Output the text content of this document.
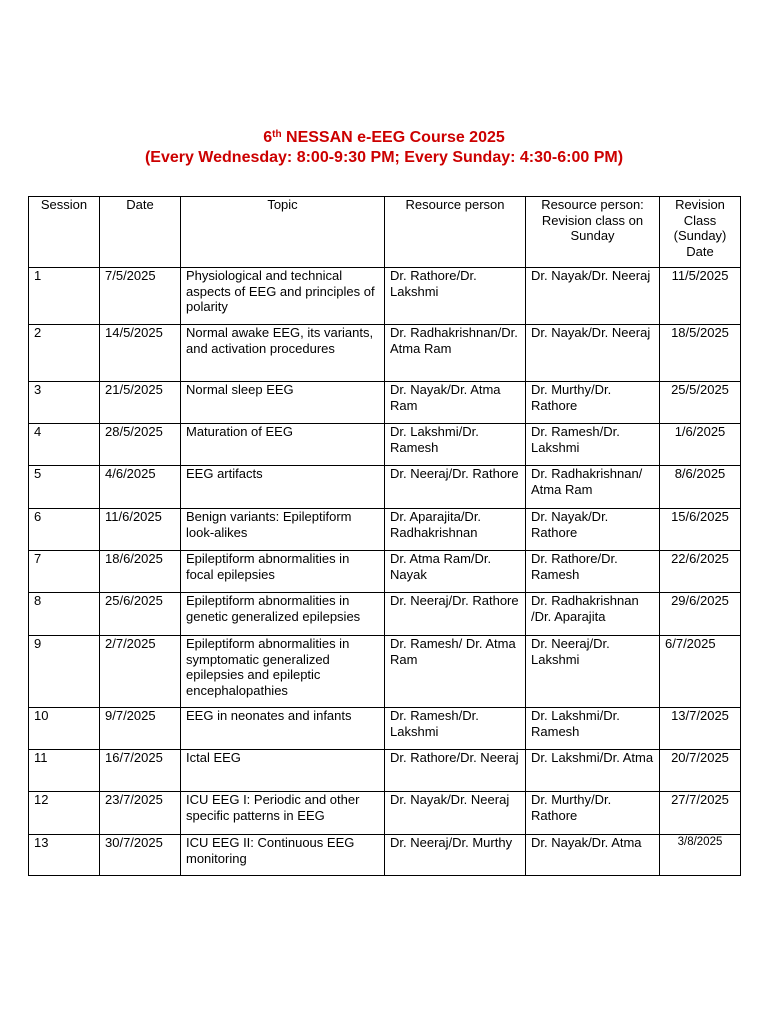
6th NESSAN e-EEG Course 2025
(Every Wednesday: 8:00-9:30 PM; Every Sunday: 4:30-6:00 PM)
Session	Date	Topic	Resource person	Resource person: Revision class on Sunday	Revision Class (Sunday) Date
1	7/5/2025	Physiological and technical aspects of EEG and principles of polarity	Dr. Rathore/Dr. Lakshmi	Dr. Nayak/Dr. Neeraj	11/5/2025
2	14/5/2025	Normal awake EEG, its variants, and activation procedures	Dr. Radhakrishnan/Dr. Atma Ram	Dr. Nayak/Dr. Neeraj	18/5/2025
3	21/5/2025	Normal sleep EEG	Dr. Nayak/Dr. Atma Ram	Dr. Murthy/Dr. Rathore	25/5/2025
4	28/5/2025	Maturation of EEG	Dr. Lakshmi/Dr. Ramesh	Dr. Ramesh/Dr. Lakshmi	1/6/2025
5	4/6/2025	EEG artifacts	Dr. Neeraj/Dr. Rathore	Dr. Radhakrishnan/ Atma Ram	8/6/2025
6	11/6/2025	Benign variants: Epileptiform look-alikes	Dr. Aparajita/Dr. Radhakrishnan	Dr. Nayak/Dr. Rathore	15/6/2025
7	18/6/2025	Epileptiform abnormalities in focal epilepsies	Dr. Atma Ram/Dr. Nayak	Dr. Rathore/Dr. Ramesh	22/6/2025
8	25/6/2025	Epileptiform abnormalities in genetic generalized epilepsies	Dr. Neeraj/Dr. Rathore	Dr. Radhakrishnan /Dr. Aparajita	29/6/2025
9	2/7/2025	Epileptiform abnormalities in symptomatic generalized epilepsies and epileptic encephalopathies	Dr. Ramesh/ Dr. Atma Ram	Dr. Neeraj/Dr. Lakshmi	6/7/2025
10	9/7/2025	EEG in neonates and infants	Dr. Ramesh/Dr. Lakshmi	Dr. Lakshmi/Dr. Ramesh	13/7/2025
11	16/7/2025	Ictal EEG	Dr. Rathore/Dr. Neeraj	Dr. Lakshmi/Dr. Atma	20/7/2025
12	23/7/2025	ICU EEG I: Periodic and other specific patterns in EEG	Dr. Nayak/Dr. Neeraj	Dr. Murthy/Dr. Rathore	27/7/2025
13	30/7/2025	ICU EEG II: Continuous EEG monitoring	Dr. Neeraj/Dr. Murthy	Dr. Nayak/Dr. Atma	3/8/2025
